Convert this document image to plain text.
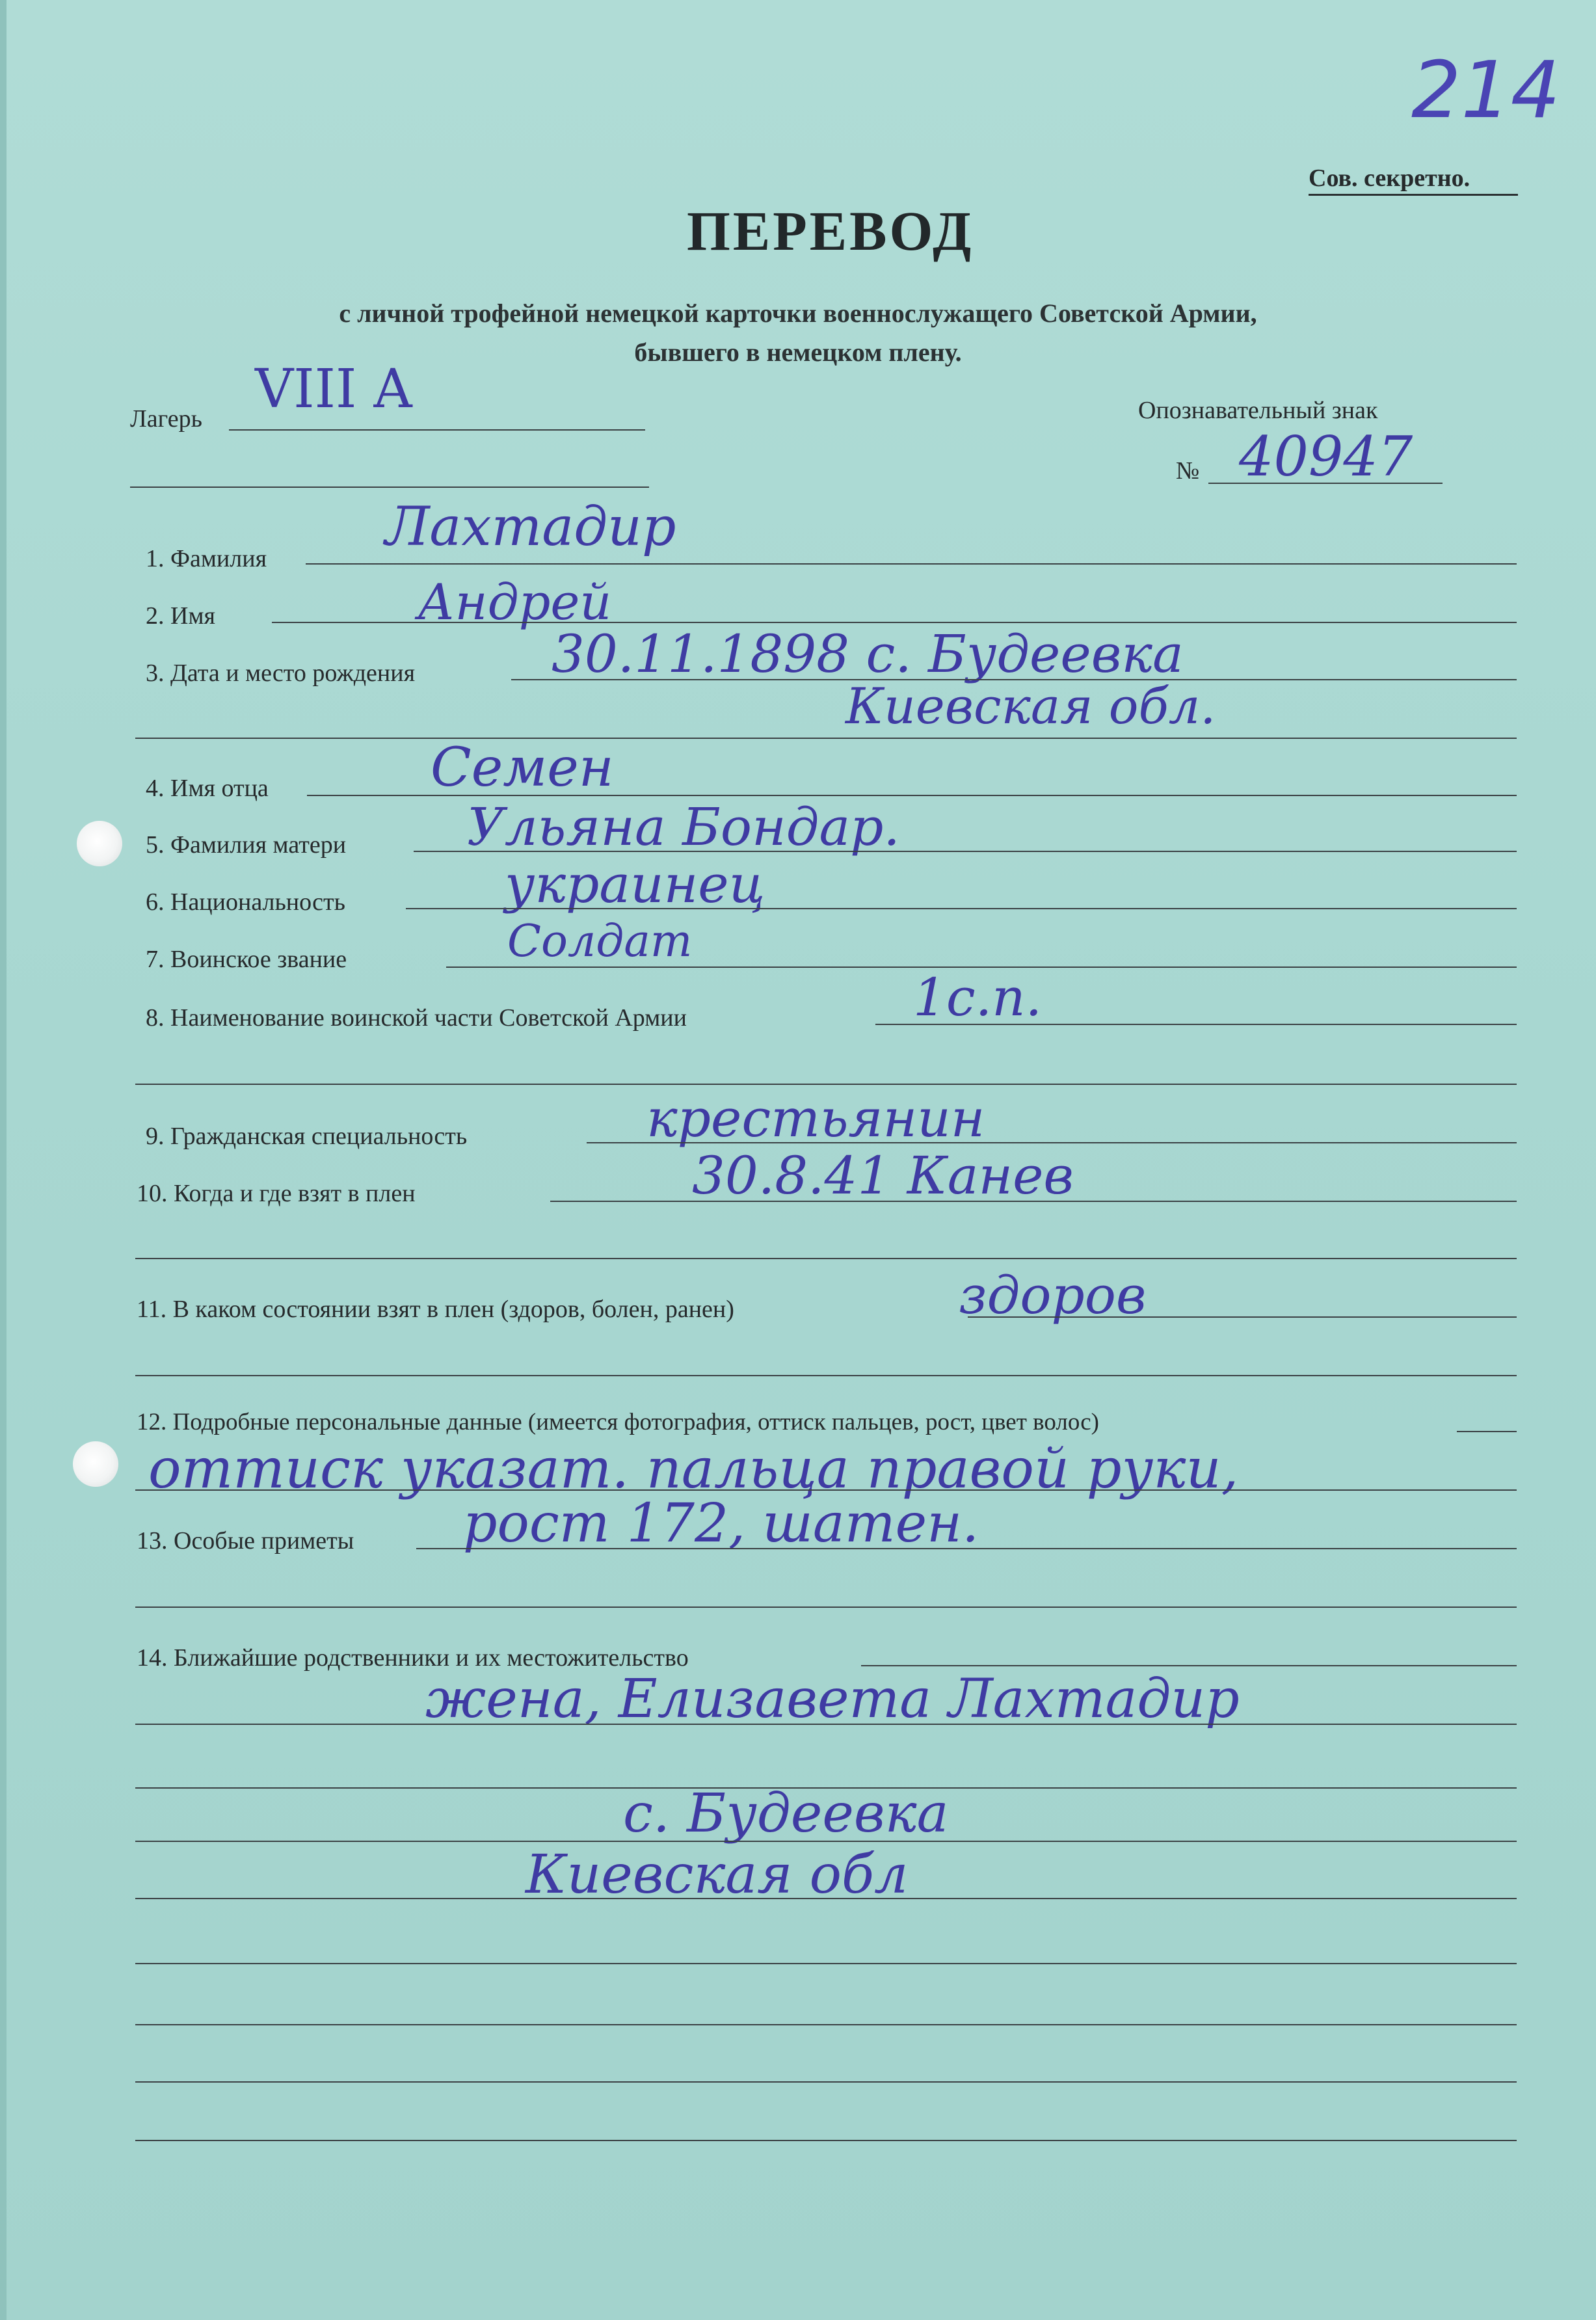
214
Сов. секретно.
ПЕРЕВОД
с личной трофейной немецкой карточки военнослужащего Советской Армии,
бывшего в немецком плену.
Лагерь VIII A	Опознавательный знак
№ 40947
1. Фамилия
Лахтадир
2. Имя	Андрей
3. Дата и место рождения	30.11.1898 с. Будеевка
Киевская обл.
4. Имя отца	Семен
5. Фамилия матери Ульяна Бондар.
6. Национальность	украинец
7. Воинское звание	Солдат
8. Наименование воинской части Советской Армии	1с.п.
9. Гражданская специальность	крестьянин
10. Когда и где взят в плен	30.8.41 Канев
11. В каком состоянии взят в плен (здоров, болен, ранен)	здоров
12. Подробные персональные данные (имеется фотография, оттиск пальцев, рост, цвет волос)
оттиск указат. пальца правой руки,
13. Особые приметы рост 172, шатен.
14. Ближайшие родственники и их местожительство
жена, Елизавета Лахтадир
с. Будеевка
Киевская обл
